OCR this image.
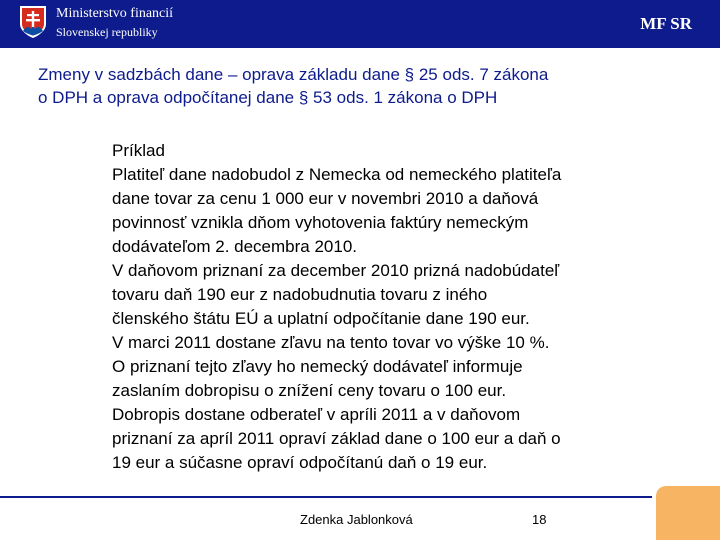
Ministerstvo financií
Slovenskej republiky	MF SR
Zmeny v sadzbách dane – oprava základu dane § 25 ods. 7 zákona
o DPH a oprava odpočítanej dane § 53 ods. 1 zákona o DPH
Príklad
Platiteľ dane nadobudol z Nemecka od nemeckého platiteľa
dane tovar za cenu 1 000 eur v novembri 2010 a daňová
povinnosť vznikla dňom vyhotovenia faktúry nemeckým
dodávateľom 2. decembra 2010.
V daňovom priznaní za december 2010 prizná nadobúdateľ
tovaru daň 190 eur z nadobudnutia tovaru z iného
členského štátu EÚ a uplatní odpočítanie dane 190 eur.
V marci 2011 dostane zľavu na tento tovar vo výške 10 %.
O priznaní tejto zľavy ho nemecký dodávateľ informuje
zaslaním dobropisu o znížení ceny tovaru o 100 eur.
Dobropis dostane odberateľ v apríli 2011 a v daňovom
priznaní za apríl 2011 opraví základ dane o 100 eur a daň o
19 eur a súčasne opraví odpočítanú daň o 19 eur.
Zdenka Jablonková	18
